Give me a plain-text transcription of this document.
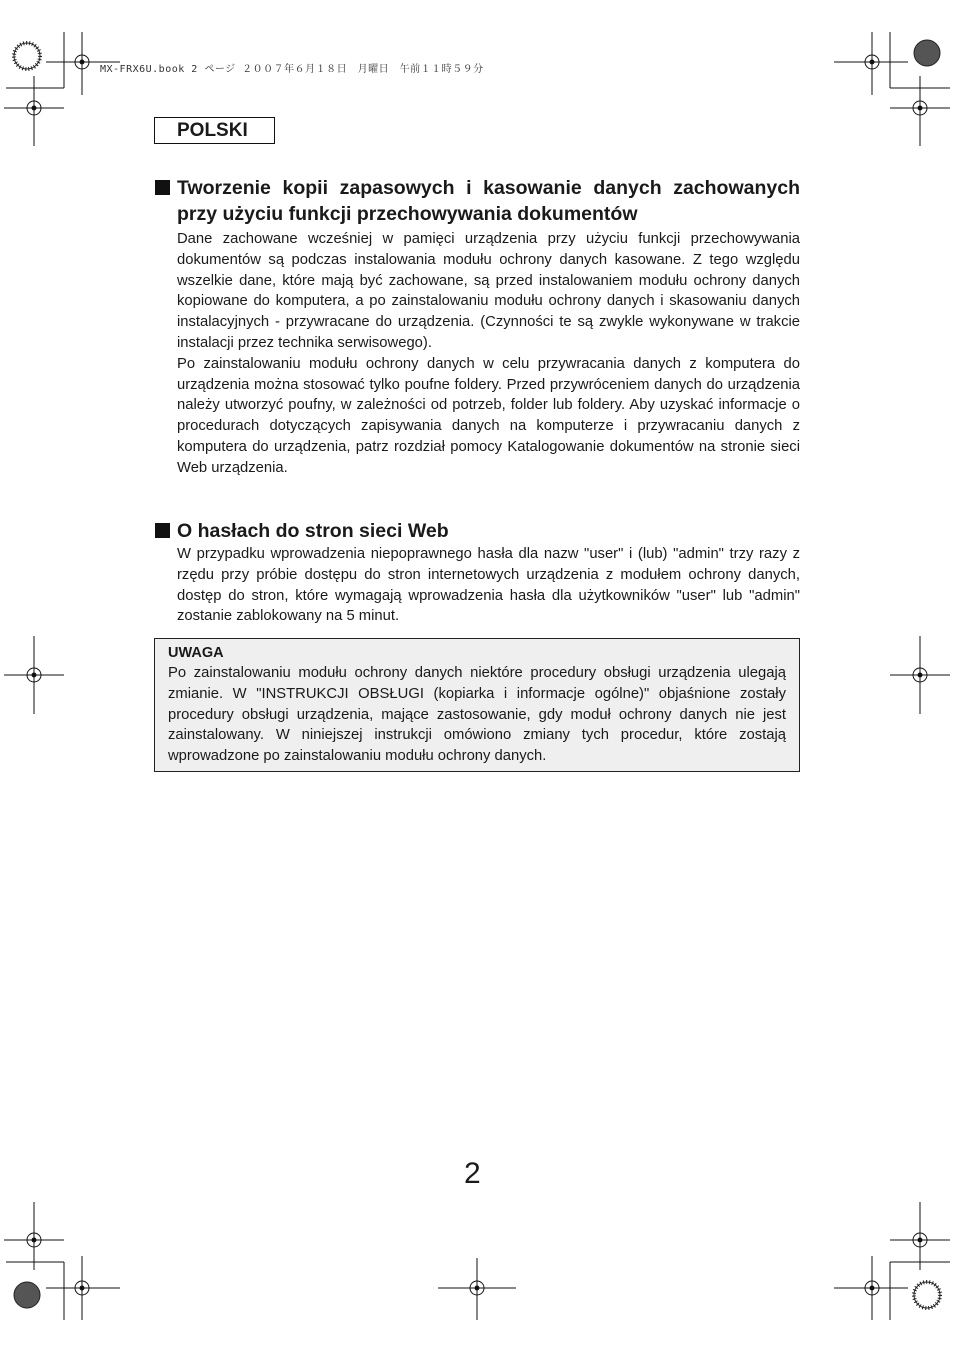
MX-FRX6U.book 2 ページ ２００７年６月１８日　月曜日　午前１１時５９分
POLSKI
Tworzenie kopii zapasowych i kasowanie danych zachowanych przy użyciu funkcji przechowywania dokumentów

Dane zachowane wcześniej w pamięci urządzenia przy użyciu funkcji przechowywania dokumentów są podczas instalowania modułu ochrony danych kasowane. Z tego względu wszelkie dane, które mają być zachowane, są przed instalowaniem modułu ochrony danych kopiowane do komputera, a po zainstalowaniu modułu ochrony danych i skasowaniu danych instalacyjnych - przywracane do urządzenia. (Czynności te są zwykle wykonywane w trakcie instalacji przez technika serwisowego).

Po zainstalowaniu modułu ochrony danych w celu przywracania danych z komputera do urządzenia można stosować tylko poufne foldery. Przed przywróceniem danych do urządzenia należy utworzyć poufny, w zależności od potrzeb, folder lub foldery. Aby uzyskać informacje o procedurach dotyczących zapisywania danych na komputerze i przywracaniu danych z komputera do urządzenia, patrz rozdział pomocy Katalogowanie dokumentów na stronie sieci Web urządzenia.

O hasłach do stron sieci Web

W przypadku wprowadzenia niepoprawnego hasła dla nazw "user" i (lub) "admin" trzy razy z rzędu przy próbie dostępu do stron internetowych urządzenia z modułem ochrony danych, dostęp do stron, które wymagają wprowadzenia hasła dla użytkowników "user" lub "admin" zostanie zablokowany na 5 minut.

UWAGA

Po zainstalowaniu modułu ochrony danych niektóre procedury obsługi urządzenia ulegają zmianie. W "INSTRUKCJI OBSŁUGI (kopiarka i informacje ogólne)" objaśnione zostały procedury obsługi urządzenia, mające zastosowanie, gdy moduł ochrony danych nie jest zainstalowany. W niniejszej instrukcji omówiono zmiany tych procedur, które zostają wprowadzone po zainstalowaniu modułu ochrony danych.

2
